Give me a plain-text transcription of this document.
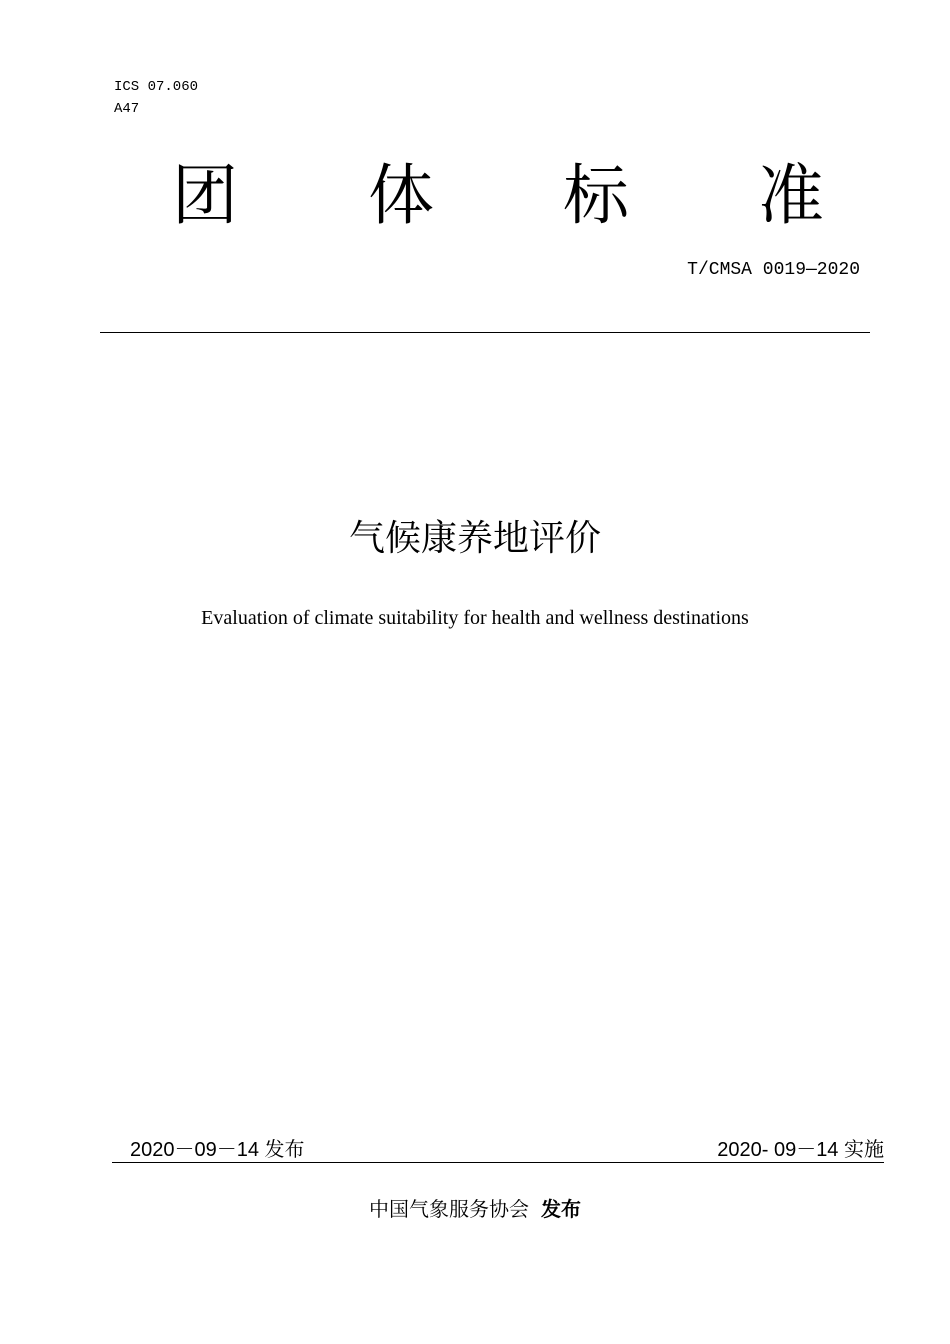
ICS 07.060
A47
团 体 标 准
T/CMSA 0019—2020
气候康养地评价
Evaluation of climate suitability for health and wellness destinations
2020－09－14 发布	2020- 09－14 实施
中国气象服务协会 发布
